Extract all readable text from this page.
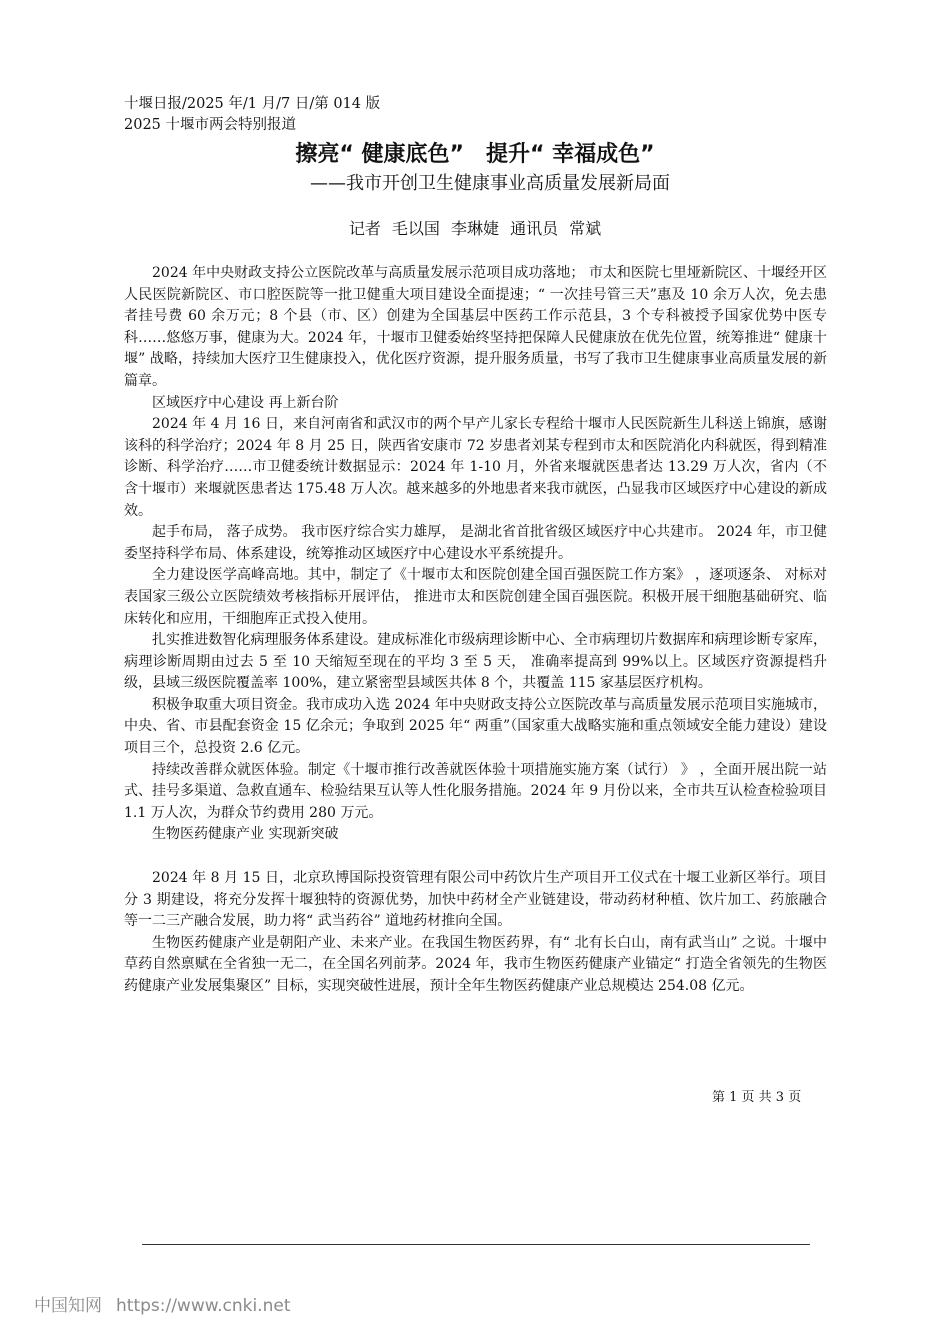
十堰日报/2025 年/1 月/7 日/第 014 版 2025 十堰市两会特别报道
擦亮“ 健康底色”　提升“ 幸福成色”
——我市开创卫生健康事业高质量发展新局面
记者 毛以国 李琳婕 通讯员 常斌

2024 年中央财政支持公立医院改革与高质量发展示范项目成功落地； 市太和医院七里垭新院区、十堰经开区人民医院新院区、市口腔医院等一批卫健重大项目建设全面提速；“ 一次挂号管三天”惠及 10 余万人次，免去患者挂号费 60 余万元；8 个县（市、区）创建为全国基层中医药工作示范县，3 个专科被授予国家优势中医专科……悠悠万事，健康为大。2024 年，十堰市卫健委始终坚持把保障人民健康放在优先位置，统筹推进“ 健康十堰” 战略，持续加大医疗卫生健康投入，优化医疗资源，提升服务质量，书写了我市卫生健康事业高质量发展的新篇章。

区域医疗中心建设 再上新台阶

2024 年 4 月 16 日，来自河南省和武汉市的两个早产儿家长专程给十堰市人民医院新生儿科送上锦旗，感谢该科的科学治疗；2024 年 8 月 25 日，陕西省安康市 72 岁患者刘某专程到市太和医院消化内科就医，得到精准诊断、科学治疗……市卫健委统计数据显示：2024 年 1-10 月，外省来堰就医患者达 13.29 万人次，省内（不含十堰市）来堰就医患者达 175.48 万人次。越来越多的外地患者来我市就医，凸显我市区域医疗中心建设的新成效。

起手布局， 落子成势。 我市医疗综合实力雄厚， 是湖北省首批省级区域医疗中心共建市。 2024 年，市卫健委坚持科学布局、体系建设，统筹推动区域医疗中心建设水平系统提升。

全力建设医学高峰高地。其中，制定了《十堰市太和医院创建全国百强医院工作方案》 ，逐项逐条、 对标对表国家三级公立医院绩效考核指标开展评估， 推进市太和医院创建全国百强医院。积极开展干细胞基础研究、临床转化和应用，干细胞库正式投入使用。

扎实推进数智化病理服务体系建设。建成标准化市级病理诊断中心、全市病理切片数据库和病理诊断专家库， 病理诊断周期由过去 5 至 10 天缩短至现在的平均 3 至 5 天， 准确率提高到 99%以上。区域医疗资源提档升级，县域三级医院覆盖率 100%，建立紧密型县域医共体 8 个，共覆盖 115 家基层医疗机构。

积极争取重大项目资金。我市成功入选 2024 年中央财政支持公立医院改革与高质量发展示范项目实施城市，中央、省、市县配套资金 15 亿余元；争取到 2025 年“ 两重”（国家重大战略实施和重点领域安全能力建设）建设项目三个，总投资 2.6 亿元。

持续改善群众就医体验。制定《十堰市推行改善就医体验十项措施实施方案（试行） 》 ，全面开展出院一站式、挂号多渠道、急救直通车、检验结果互认等人性化服务措施。2024 年 9 月份以来，全市共互认检查检验项目 1.1 万人次，为群众节约费用 280 万元。

生物医药健康产业 实现新突破

2024 年 8 月 15 日，北京玖博国际投资管理有限公司中药饮片生产项目开工仪式在十堰工业新区举行。项目分 3 期建设，将充分发挥十堰独特的资源优势，加快中药材全产业链建设，带动药材种植、饮片加工、药旅融合等一二三产融合发展，助力将“ 武当药谷” 道地药材推向全国。

生物医药健康产业是朝阳产业、未来产业。在我国生物医药界，有“ 北有长白山，南有武当山” 之说。十堰中草药自然禀赋在全省独一无二，在全国名列前茅。2024 年，我市生物医药健康产业锚定“ 打造全省领先的生物医药健康产业发展集聚区” 目标，实现突破性进展，预计全年生物医药健康产业总规模达 254.08 亿元。

第 1 页 共 3 页
中国知网 https://www.cnki.net
